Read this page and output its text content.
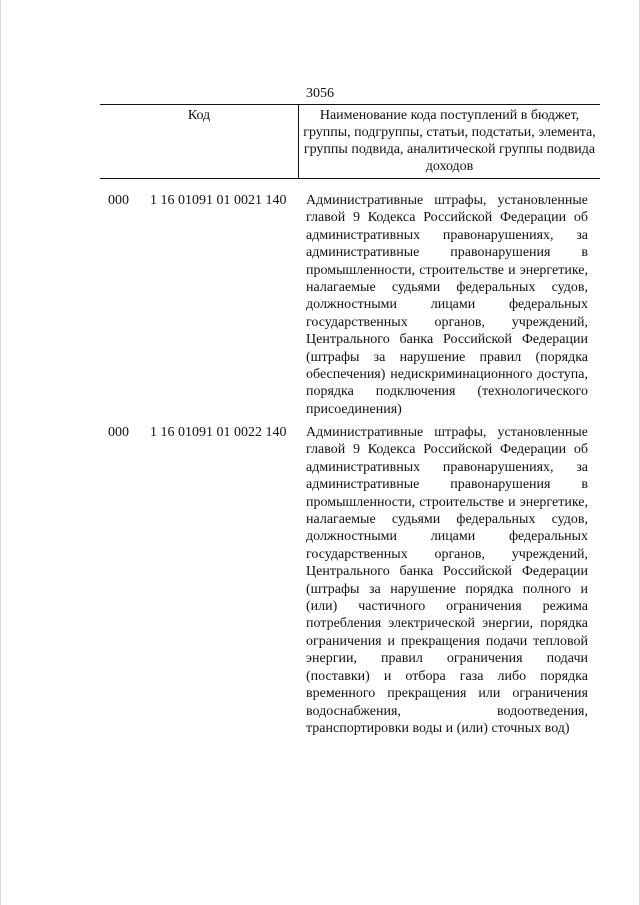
3056
Код	Наименование кода поступлений в бюджет, группы, подгруппы, статьи, подстатьи, элемента, группы подвида, аналитической группы подвида доходов
000 1 16 01091 01 0021 140 Административные штрафы, установленные главой 9 Кодекса Российской Федерации об административных правонарушениях, за административные правонарушения в промышленности, строительстве и энергетике, налагаемые судьями федеральных судов, должностными лицами федеральных государственных органов, учреждений, Центрального банка Российской Федерации (штрафы за нарушение правил (порядка обеспечения) недискриминационного доступа, порядка подключения (технологического присоединения)
000 1 16 01091 01 0022 140 Административные штрафы, установленные главой 9 Кодекса Российской Федерации об административных правонарушениях, за административные правонарушения в промышленности, строительстве и энергетике, налагаемые судьями федеральных судов, должностными лицами федеральных государственных органов, учреждений, Центрального банка Российской Федерации (штрафы за нарушение порядка полного и (или) частичного ограничения режима потребления электрической энергии, порядка ограничения и прекращения подачи тепловой энергии, правил ограничения подачи (поставки) и отбора газа либо порядка временного прекращения или ограничения водоснабжения, водоотведения, транспортировки воды и (или) сточных вод)
